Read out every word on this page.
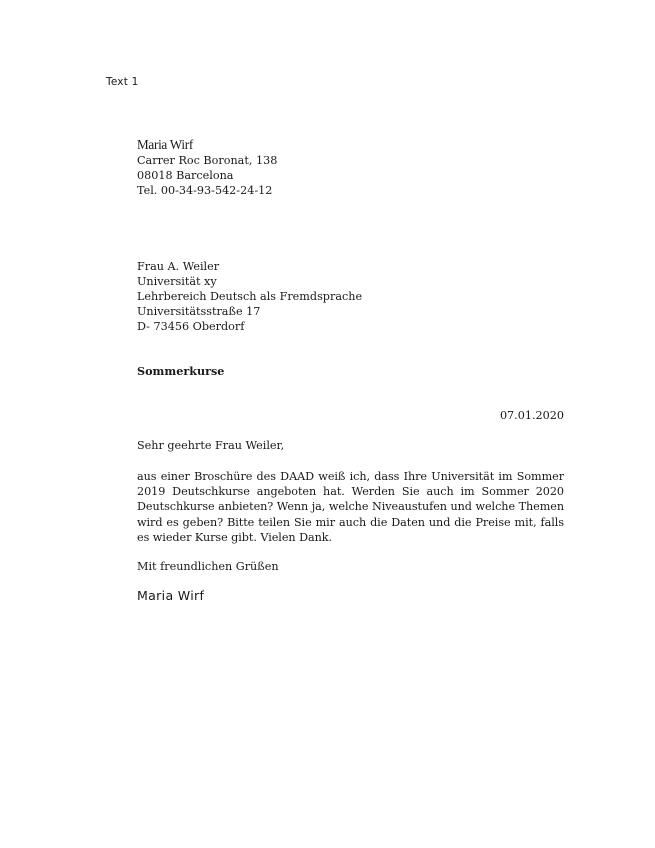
Text 1
Maria Wirf
Carrer Roc Boronat, 138
08018 Barcelona
Tel. 00-34-93-542-24-12
Frau A. Weiler
Universität xy
Lehrbereich Deutsch als Fremdsprache
Universitätsstraße 17
D- 73456 Oberdorf
Sommerkurse
07.01.2020
Sehr geehrte Frau Weiler,
aus einer Broschüre des DAAD weiß ich, dass Ihre Universität im Sommer 2019 Deutschkurse angeboten hat. Werden Sie auch im Sommer 2020 Deutschkurse anbieten? Wenn ja, welche Niveaustufen und welche Themen wird es geben? Bitte teilen Sie mir auch die Daten und die Preise mit, falls es wieder Kurse gibt. Vielen Dank.
Mit freundlichen Grüßen
Maria Wirf
